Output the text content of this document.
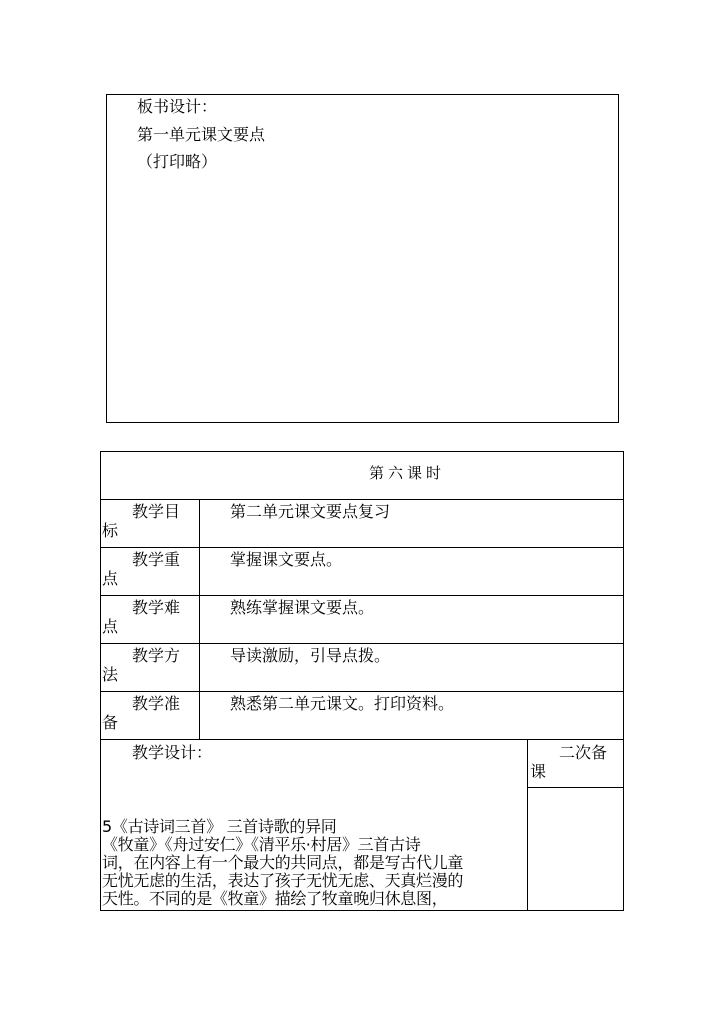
板书设计：
第一单元课文要点
（打印略）
第六课时
教学目
标
第二单元课文要点复习
教学重
点
掌握课文要点。
教学难
点
熟练掌握课文要点。
教学方
法
导读激励，引导点拨。
教学准
备
熟悉第二单元课文。打印资料。
教学设计：
5《古诗词三首》 三首诗歌的异同
《牧童》《舟过安仁》《清平乐·村居》三首古诗
词，在内容上有一个最大的共同点，都是写古代儿童
无忧无虑的生活，表达了孩子无忧无虑、天真烂漫的
天性。不同的是《牧童》描绘了牧童晚归休息图，
二次备
课
